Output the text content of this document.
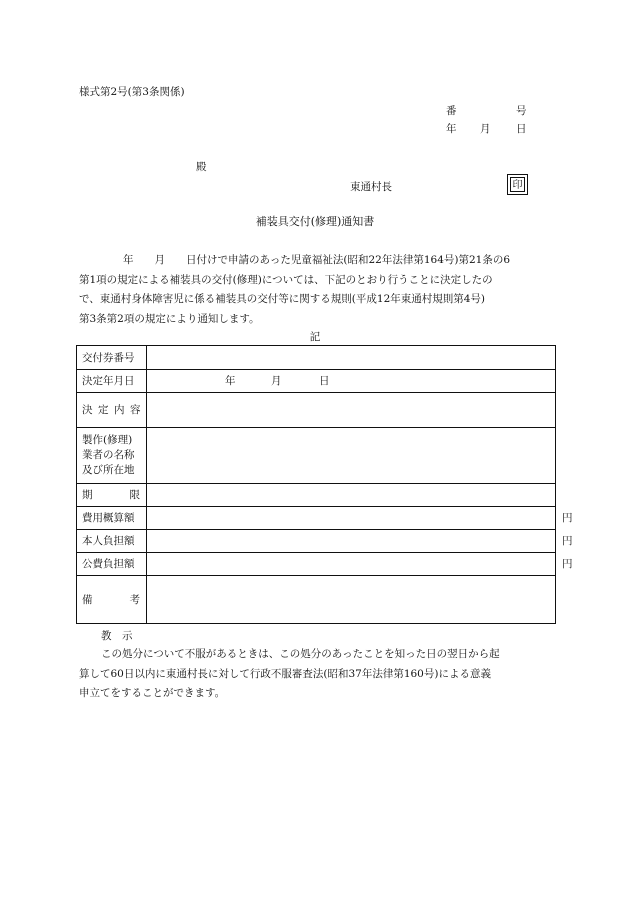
様式第2号(第3条関係)
番	号
年 月 日
殿
東通村長	印
補装具交付(修理)通知書
年　　月　　日付けで申請のあった児童福祉法(昭和22年法律第164号)第21条の6
第1項の規定による補装具の交付(修理)については、下記のとおり行うことに決定したの
で、東通村身体障害児に係る補装具の交付等に関する規則(平成12年東通村規則第4号)
第3条第2項の規定により通知します。
記
交付券番号	
決定年月日	年 月 日

決定内容	

製作(修理)
業者の名称
及び所在地	

期 限	

費用概算額	円

本人負担額	円

公費負担額	円

備 考	

教　示
この処分について不服があるときは、この処分のあったことを知った日の翌日から起
算して60日以内に東通村長に対して行政不服審査法(昭和37年法律第160号)による意義
申立てをすることができます。
